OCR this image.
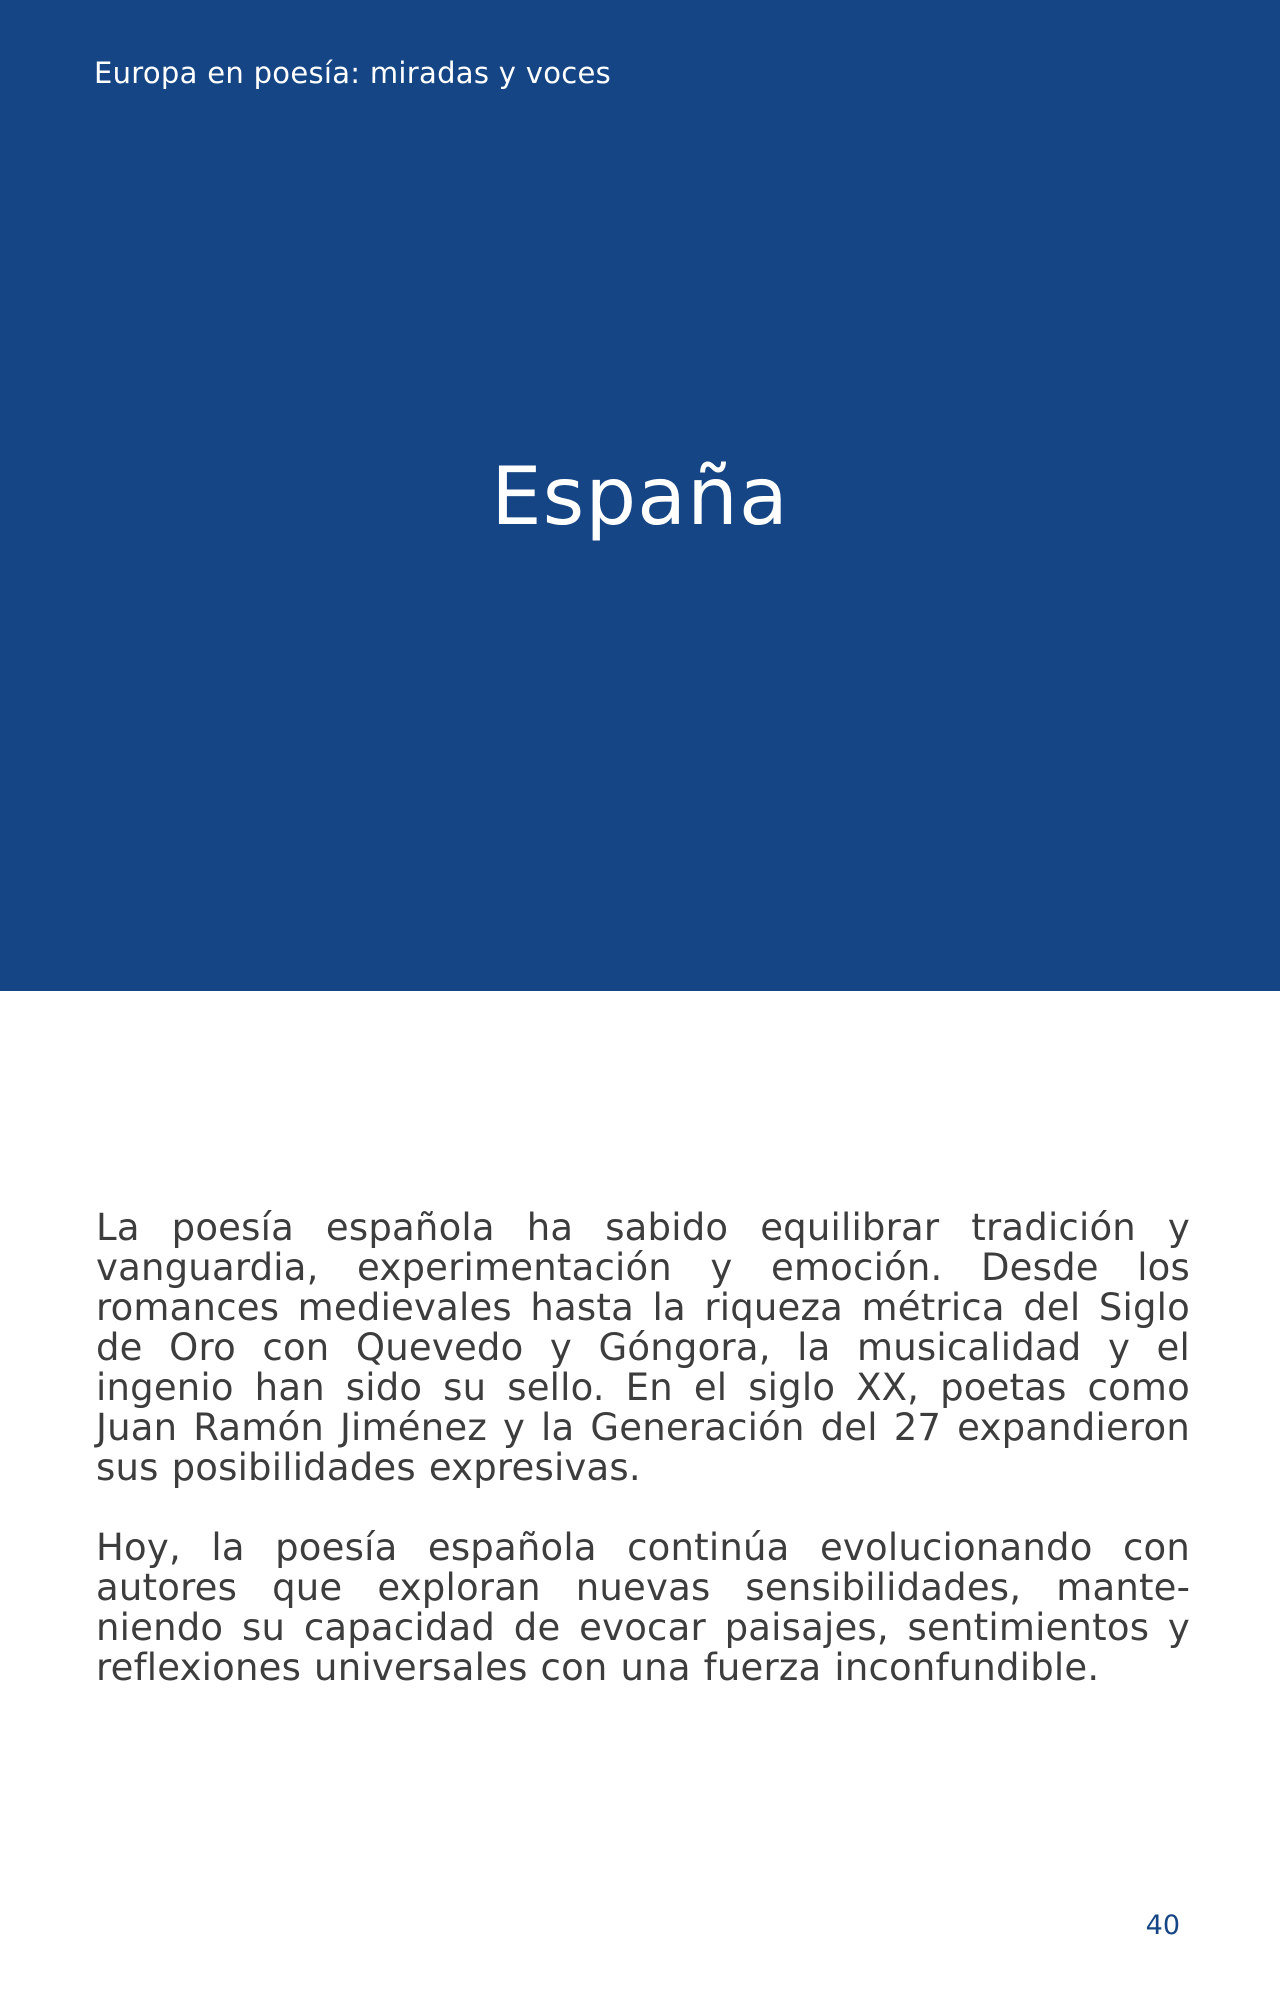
Europa en poesía: miradas y voces
España

La poesía española ha sabido equilibrar tradición y vanguardia, experimentación y emoción. Desde los romances medievales hasta la riqueza métrica del Siglo de Oro con Quevedo y Góngora, la musicalidad y el ingenio han sido su sello. En el siglo XX, poetas como Juan Ramón Jiménez y la Generación del 27 expandieron sus posibilidades expresivas.

Hoy, la poesía española continúa evolucionando con autores que exploran nuevas sensibilidades, manteniendo su capacidad de evocar paisajes, sentimientos y reflexiones universales con una fuerza inconfundible.

40
